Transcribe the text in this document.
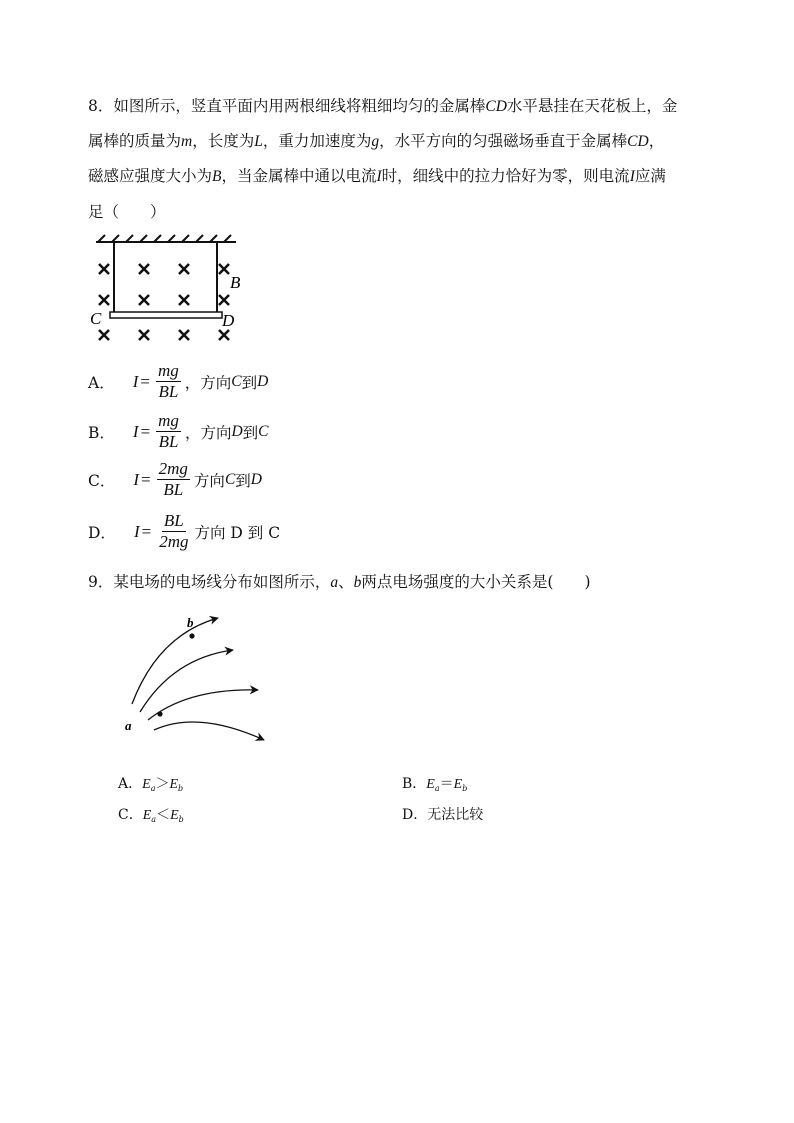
8．如图所示，竖直平面内用两根细线将粗细均匀的金属棒CD水平悬挂在天花板上，金
属棒的质量为m，长度为L，重力加速度为g，水平方向的匀强磁场垂直于金属棒CD，
磁感应强度大小为B，当金属棒中通以电流I时，细线中的拉力恰好为零，则电流I应满
足（　　）
B
C	D
A． $I = \frac{mg}{BL}$ ，方向 C 到 D
B． $I = \frac{mg}{BL}$ ，方向 D 到 C
C． $I = \frac{2mg}{BL}$ 方向 C 到 D
D． $I = \frac{BL}{2mg}$ 方向 D 到 C
9．某电场的电场线分布如图所示，a、b两点电场强度的大小关系是(　　)
b
a
A．$E_a>E_b$	B．$E_a=E_b$
C．$E_a<E_b$	D．无法比较
